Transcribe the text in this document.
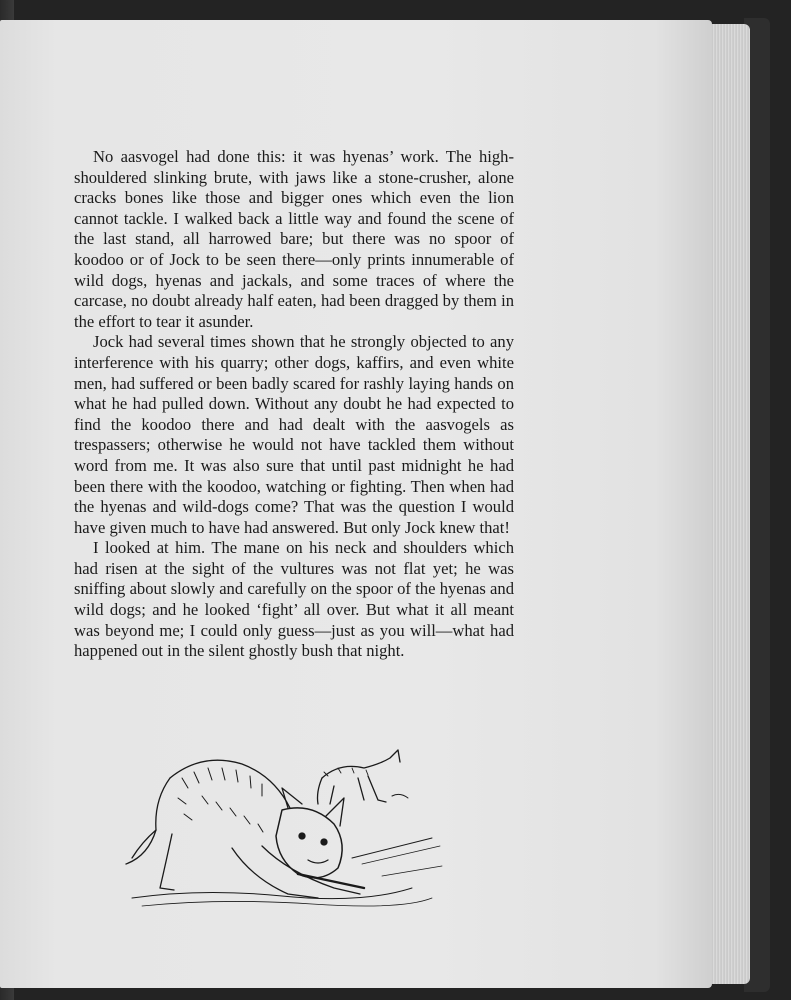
No aasvogel had done this: it was hyenas’ work. The high-shouldered slinking brute, with jaws like a stone-crusher, alone cracks bones like those and bigger ones which even the lion cannot tackle. I walked back a little way and found the scene of the last stand, all harrowed bare; but there was no spoor of koodoo or of Jock to be seen there—only prints innumerable of wild dogs, hyenas and jackals, and some traces of where the carcase, no doubt already half eaten, had been dragged by them in the effort to tear it asunder.

Jock had several times shown that he strongly objected to any interference with his quarry; other dogs, kaffirs, and even white men, had suffered or been badly scared for rashly laying hands on what he had pulled down. Without any doubt he had expected to find the koodoo there and had dealt with the aasvogels as trespassers; otherwise he would not have tackled them without word from me. It was also sure that until past midnight he had been there with the koodoo, watching or fighting. Then when had the hyenas and wild-dogs come? That was the question I would have given much to have had answered. But only Jock knew that!

I looked at him. The mane on his neck and shoulders which had risen at the sight of the vultures was not flat yet; he was sniffing about slowly and carefully on the spoor of the hyenas and wild dogs; and he looked ‘fight’ all over. But what it all meant was beyond me; I could only guess—just as you will—what had happened out in the silent ghostly bush that night.
